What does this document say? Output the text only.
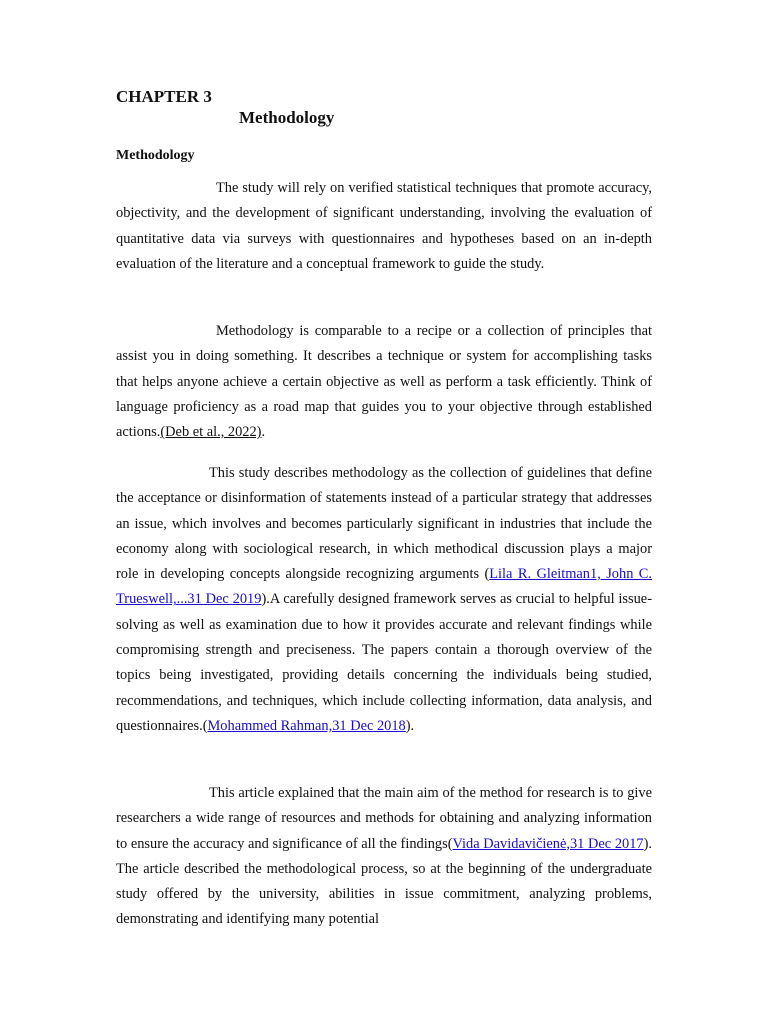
CHAPTER 3
Methodology
Methodology

The study will rely on verified statistical techniques that promote accuracy, objectivity, and the development of significant understanding, involving the evaluation of quantitative data via surveys with questionnaires and hypotheses based on an in-depth evaluation of the literature and a conceptual framework to guide the study.

Methodology is comparable to a recipe or a collection of principles that assist you in doing something. It describes a technique or system for accomplishing tasks that helps anyone achieve a certain objective as well as perform a task efficiently. Think of language proficiency as a road map that guides you to your objective through established actions.(Deb et al., 2022).

This study describes methodology as the collection of guidelines that define the acceptance or disinformation of statements instead of a particular strategy that addresses an issue, which involves and becomes particularly significant in industries that include the economy along with sociological research, in which methodical discussion plays a major role in developing concepts alongside recognizing arguments (Lila R. Gleitman1, John C. Trueswell,...31 Dec 2019).A carefully designed framework serves as crucial to helpful issue-solving as well as examination due to how it provides accurate and relevant findings while compromising strength and preciseness. The papers contain a thorough overview of the topics being investigated, providing details concerning the individuals being studied, recommendations, and techniques, which include collecting information, data analysis, and questionnaires.(Mohammed Rahman,31 Dec 2018).

This article explained that the main aim of the method for research is to give researchers a wide range of resources and methods for obtaining and analyzing information to ensure the accuracy and significance of all the findings(Vida Davidavičienė,31 Dec 2017). The article described the methodological process, so at the beginning of the undergraduate study offered by the university, abilities in issue commitment, analyzing problems, demonstrating and identifying many potential
